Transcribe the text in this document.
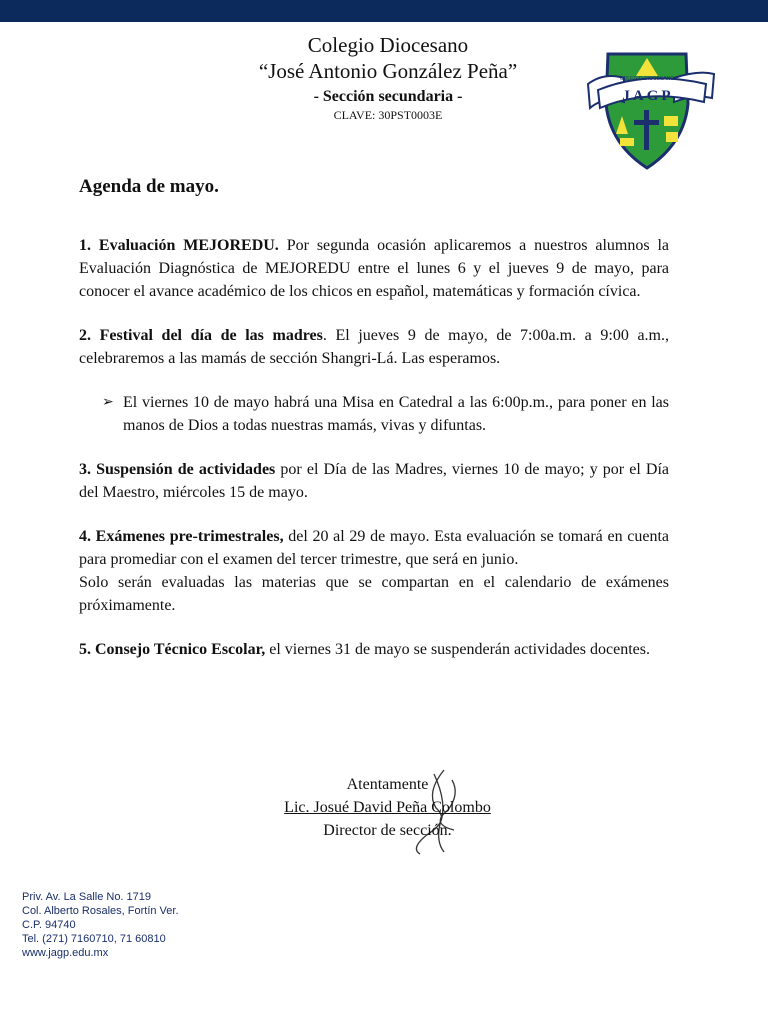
Colegio Diocesano
“José Antonio González Peña”
- Sección secundaria -
CLAVE: 30PST0003E
COLEGIO DIOCESANO
JAGP
Agenda de mayo.

1. Evaluación MEJOREDU. Por segunda ocasión aplicaremos a nuestros alumnos la Evaluación Diagnóstica de MEJOREDU entre el lunes 6 y el jueves 9 de mayo, para conocer el avance académico de los chicos en español, matemáticas y formación cívica.

2. Festival del día de las madres. El jueves 9 de mayo, de 7:00a.m. a 9:00 a.m., celebraremos a las mamás de sección Shangri-Lá. Las esperamos.

➢ El viernes 10 de mayo habrá una Misa en Catedral a las 6:00p.m., para poner en las manos de Dios a todas nuestras mamás, vivas y difuntas.

3. Suspensión de actividades por el Día de las Madres, viernes 10 de mayo; y por el Día del Maestro, miércoles 15 de mayo.

4. Exámenes pre-trimestrales, del 20 al 29 de mayo. Esta evaluación se tomará en cuenta para promediar con el examen del tercer trimestre, que será en junio.

Solo serán evaluadas las materias que se compartan en el calendario de exámenes próximamente.

5. Consejo Técnico Escolar, el viernes 31 de mayo se suspenderán actividades docentes.

Atentamente
Lic. Josué David Peña Colombo
Director de sección.
Priv. Av. La Salle No. 1719
Col. Alberto Rosales, Fortín Ver.
C.P. 94740
Tel. (271) 7160710, 71 60810
www.jagp.edu.mx
